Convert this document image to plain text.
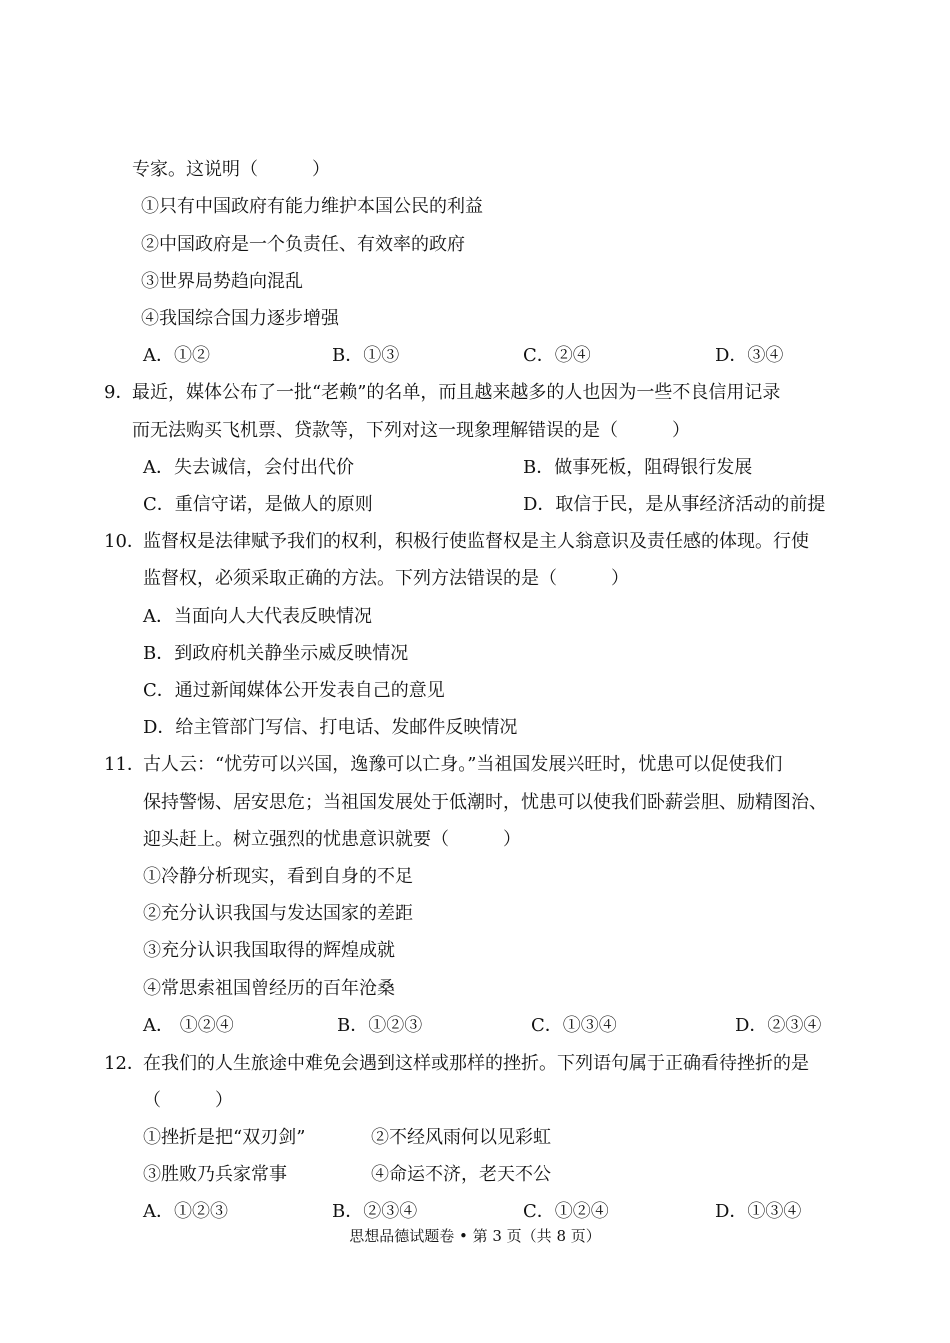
专家。这说明（　　　）
①只有中国政府有能力维护本国公民的利益
②中国政府是一个负责任、有效率的政府
③世界局势趋向混乱
④我国综合国力逐步增强
A．①②	B．①③	C．②④	D．③④
9．
最近，媒体公布了一批“老赖”的名单，而且越来越多的人也因为一些不良信用记录
而无法购买飞机票、贷款等，下列对这一现象理解错误的是（　　　）
A．失去诚信，会付出代价	B．做事死板，阻碍银行发展
C．重信守诺，是做人的原则	D．取信于民，是从事经济活动的前提
10．
监督权是法律赋予我们的权利，积极行使监督权是主人翁意识及责任感的体现。行使
监督权，必须采取正确的方法。下列方法错误的是（　　　）
A．当面向人大代表反映情况
B．到政府机关静坐示威反映情况
C．通过新闻媒体公开发表自己的意见
D．给主管部门写信、打电话、发邮件反映情况
11．
古人云：“忧劳可以兴国，逸豫可以亡身。”当祖国发展兴旺时，忧患可以促使我们
保持警惕、居安思危；当祖国发展处于低潮时，忧患可以使我们卧薪尝胆、励精图治、
迎头赶上。树立强烈的忧患意识就要（　　　）
①冷静分析现实，看到自身的不足
②充分认识我国与发达国家的差距
③充分认识我国取得的辉煌成就
④常思索祖国曾经历的百年沧桑
A． ①②④	B．①②③	C．①③④	D．②③④
12．
在我们的人生旅途中难免会遇到这样或那样的挫折。下列语句属于正确看待挫折的是
（　　　）
①挫折是把“双刃剑”	②不经风雨何以见彩虹
③胜败乃兵家常事	④命运不济，老天不公
A．①②③	B．②③④	C．①②④	D．①③④
思想品德试题卷 • 第 3 页（共 8 页）
